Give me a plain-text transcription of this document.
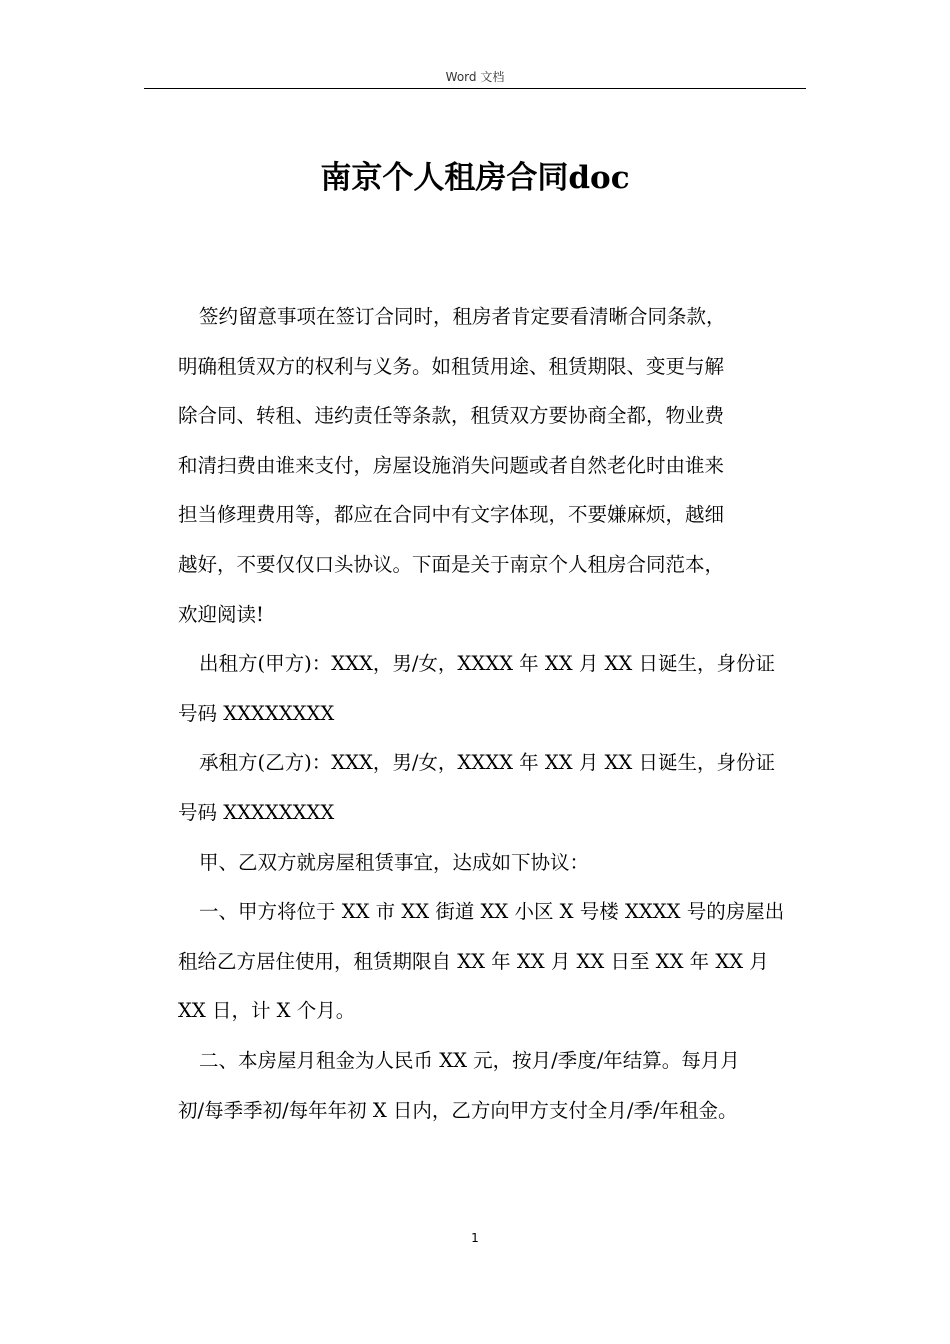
Word 文档
南京个人租房合同doc

签约留意事项在签订合同时，租房者肯定要看清晰合同条款，
明确租赁双方的权利与义务。如租赁用途、租赁期限、变更与解
除合同、转租、违约责任等条款，租赁双方要协商全都，物业费
和清扫费由谁来支付，房屋设施消失问题或者自然老化时由谁来
担当修理费用等，都应在合同中有文字体现，不要嫌麻烦，越细
越好，不要仅仅口头协议。下面是关于南京个人租房合同范本，
欢迎阅读!

出租方(甲方)：XXX，男/女，XXXX 年 XX 月 XX 日诞生，身份证
号码 XXXXXXXX

承租方(乙方)：XXX，男/女，XXXX 年 XX 月 XX 日诞生，身份证
号码 XXXXXXXX

甲、乙双方就房屋租赁事宜，达成如下协议：

一、甲方将位于 XX 市 XX 街道 XX 小区 X 号楼 XXXX 号的房屋出
租给乙方居住使用，租赁期限自 XX 年 XX 月 XX 日至 XX 年 XX 月
XX 日，计 X 个月。

二、本房屋月租金为人民币 XX 元，按月/季度/年结算。每月月
初/每季季初/每年年初 X 日内，乙方向甲方支付全月/季/年租金。

1
